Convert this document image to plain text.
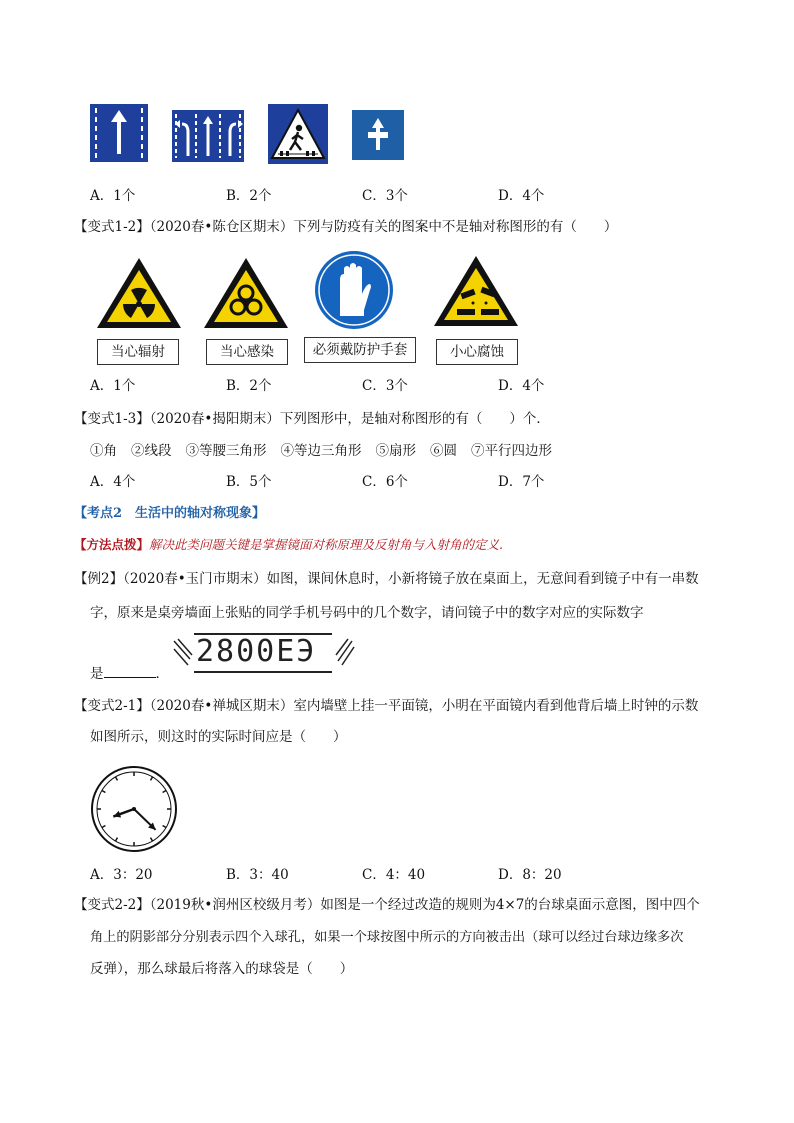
A．1个	B．2个	C．3个	D．4个
【变式1-2】（2020春•陈仓区期末）下列与防疫有关的图案中不是轴对称图形的有（　　）
当心辐射	当心感染	必须戴防护手套	小心腐蚀
A．1个	B．2个	C．3个	D．4个
【变式1-3】（2020春•揭阳期末）下列图形中，是轴对称图形的有（　　）个．
①角 ②线段 ③等腰三角形 ④等边三角形 ⑤扇形 ⑥圆 ⑦平行四边形
A．4个	B．5个	C．6个	D．7个
【考点2　生活中的轴对称现象】
【方法点拨】解决此类问题关键是掌握镜面对称原理及反射角与入射角的定义.
【例2】（2020春•玉门市期末）如图，课间休息时，小新将镜子放在桌面上，无意间看到镜子中有一串数
字，原来是桌旁墙面上张贴的同学手机号码中的几个数字，请问镜子中的数字对应的实际数字
是	．
2800EЭ
【变式2-1】（2020春•禅城区期末）室内墙壁上挂一平面镜，小明在平面镜内看到他背后墙上时钟的示数
如图所示，则这时的实际时间应是（　　）
A．3：20	B．3：40	C．4：40	D．8：20
【变式2-2】（2019秋•润州区校级月考）如图是一个经过改造的规则为4×7的台球桌面示意图，图中四个
角上的阴影部分分别表示四个入球孔，如果一个球按图中所示的方向被击出（球可以经过台球边缘多次
反弹），那么球最后将落入的球袋是（　　）
